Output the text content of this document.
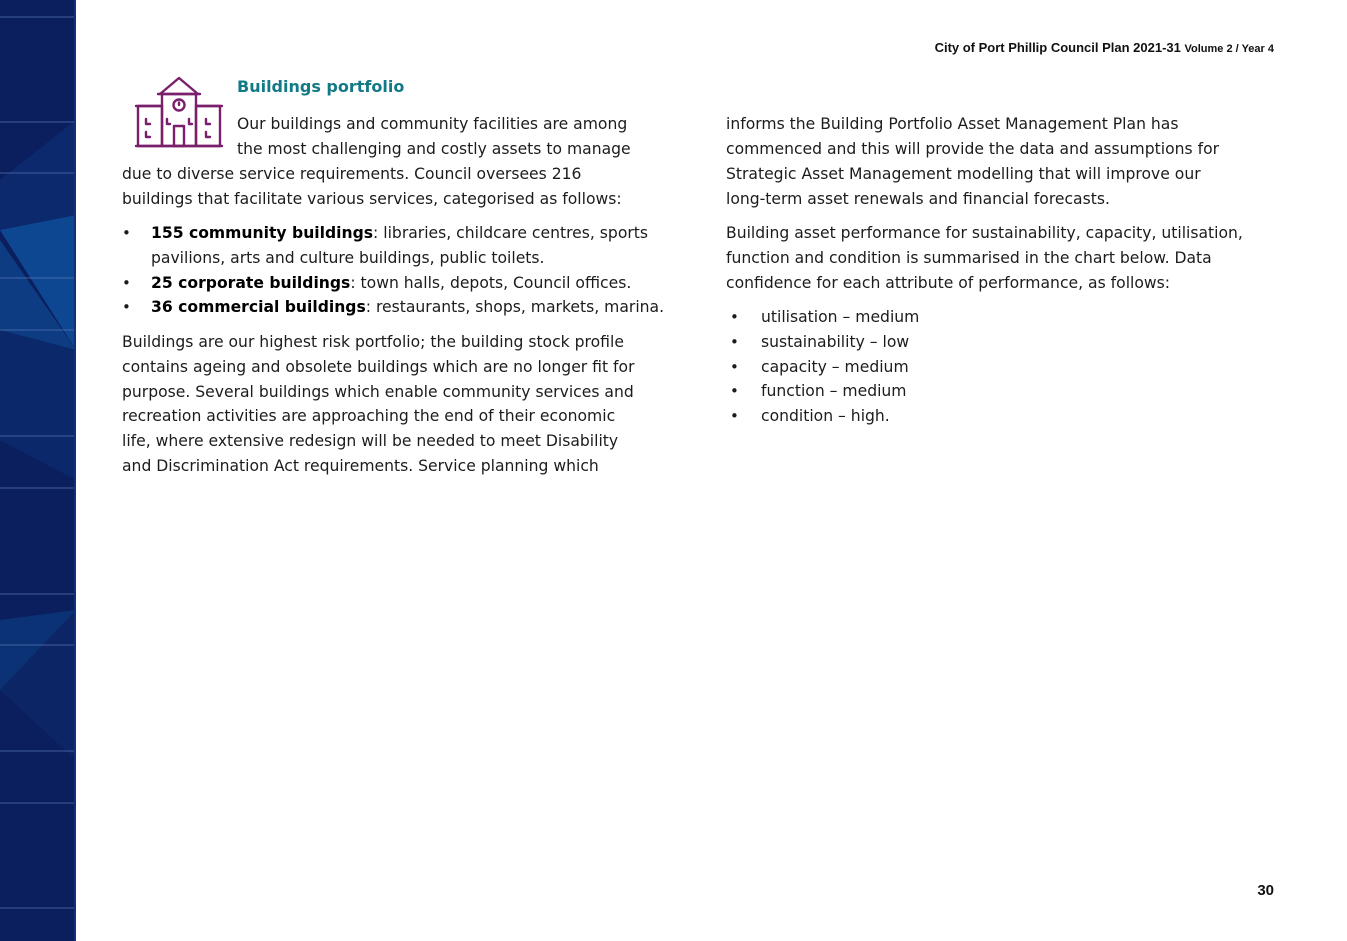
City of Port Phillip Council Plan 2021-31 Volume 2 / Year 4
Buildings portfolio

Our buildings and community facilities are among

the most challenging and costly assets to manage

due to diverse service requirements. Council oversees 216

buildings that facilitate various services, categorised as follows:

• 155 community buildings: libraries, childcare centres, sports
pavilions, arts and culture buildings, public toilets.
• 25 corporate buildings: town halls, depots, Council offices.
• 36 commercial buildings: restaurants, shops, markets, marina.

Buildings are our highest risk portfolio; the building stock profile

contains ageing and obsolete buildings which are no longer fit for

purpose. Several buildings which enable community services and

recreation activities are approaching the end of their economic

life, where extensive redesign will be needed to meet Disability

and Discrimination Act requirements. Service planning which

informs the Building Portfolio Asset Management Plan has

commenced and this will provide the data and assumptions for

Strategic Asset Management modelling that will improve our

long-term asset renewals and financial forecasts.

Building asset performance for sustainability, capacity, utilisation,

function and condition is summarised in the chart below. Data

confidence for each attribute of performance, as follows:

• utilisation – medium
• sustainability – low
• capacity – medium
• function – medium
• condition – high.
30
